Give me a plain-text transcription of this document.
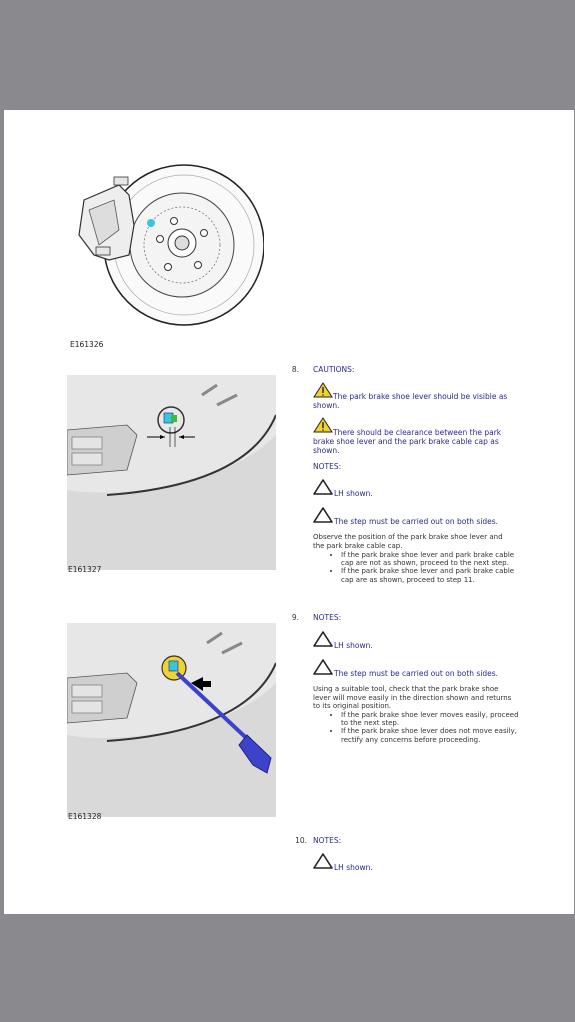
E161326
E161327
E161328
8. CAUTIONS:
The park brake shoe lever should be visible as shown.
There should be clearance between the park brake shoe lever and the park brake cable cap as shown.
NOTES:
LH shown.
The step must be carried out on both sides.
Observe the position of the park brake shoe lever and the park brake cable cap.
• If the park brake shoe lever and park brake cable cap are not as shown, proceed to the next step.
• If the park brake shoe lever and park brake cable cap are as shown, proceed to step 11.
9. NOTES:
LH shown.
The step must be carried out on both sides.
Using a suitable tool, check that the park brake shoe lever will move easily in the direction shown and returns to its original position.
• If the park brake shoe lever moves easily, proceed to the next step.
• If the park brake shoe lever does not move easily, rectify any concerns before proceeding.
10. NOTES:
LH shown.
